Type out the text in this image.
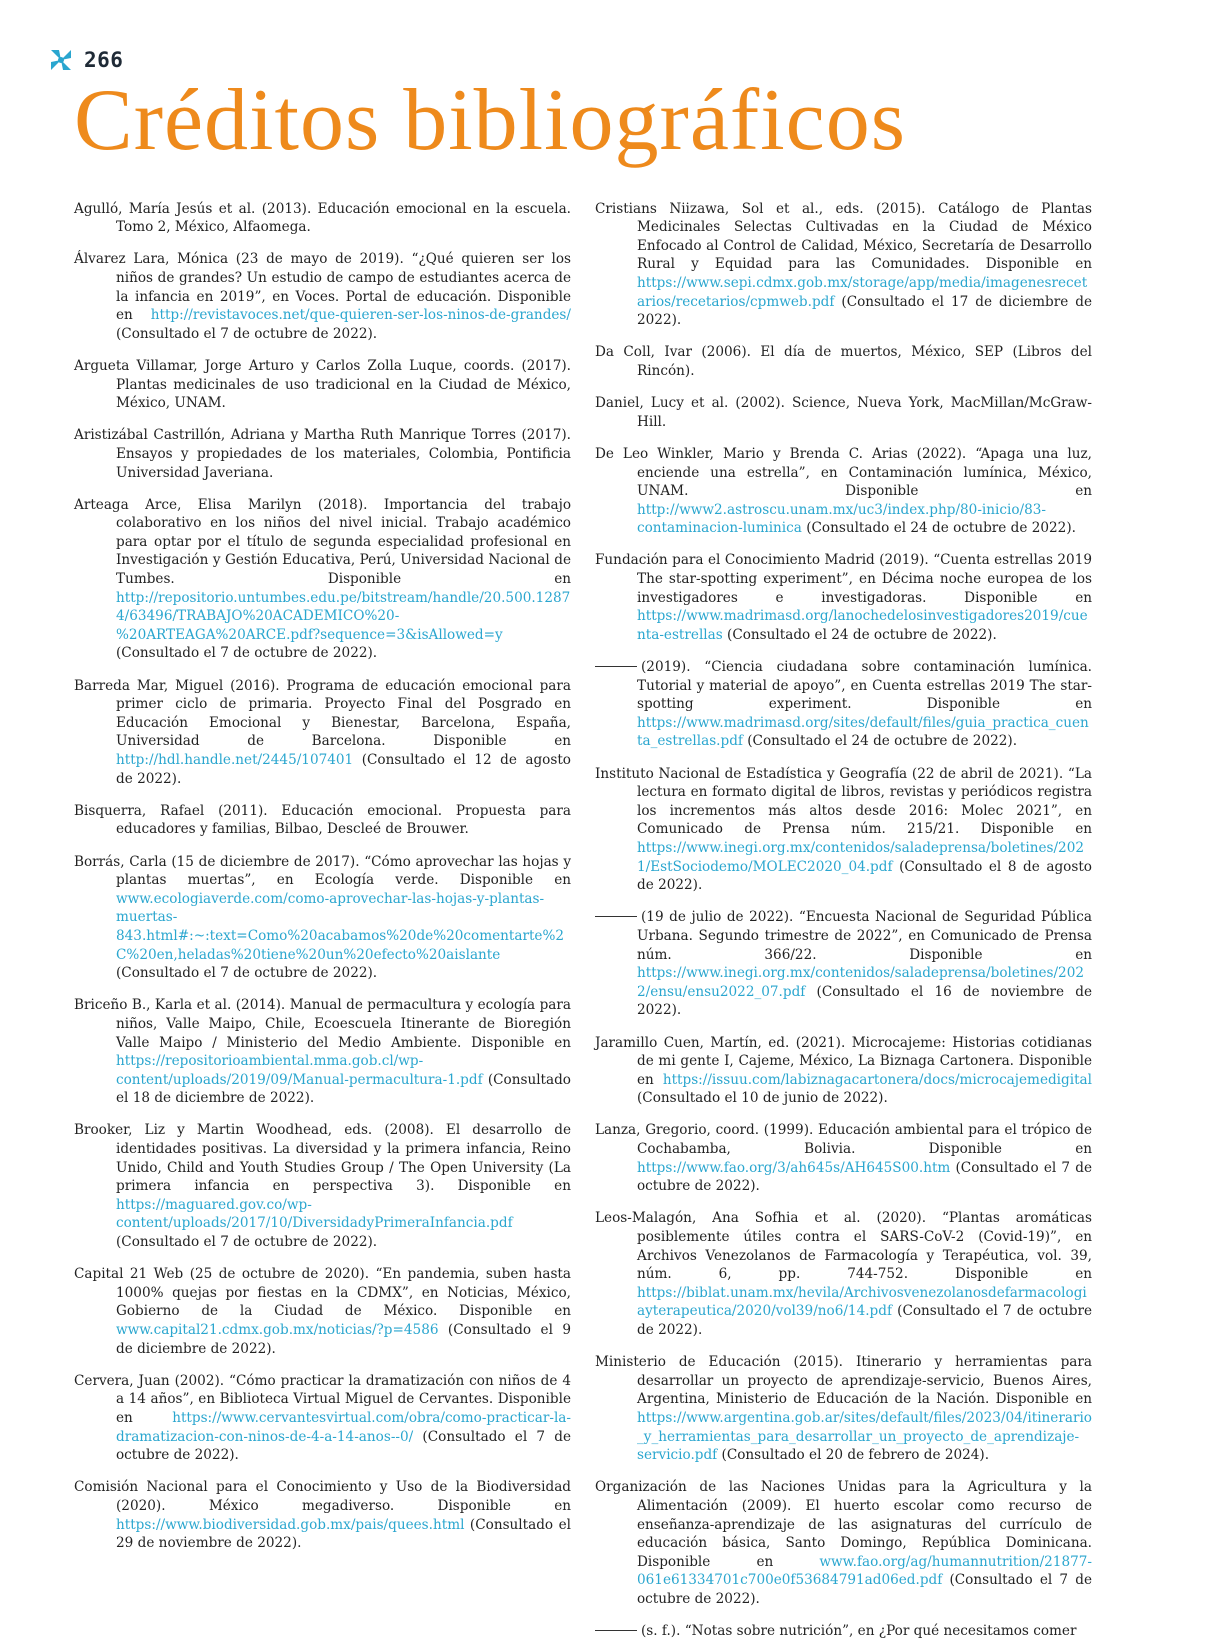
266
Créditos bibliográficos

Agulló, María Jesús et al. (2013). Educación emocional en la escuela. Tomo 2, México, Alfaomega.

Álvarez Lara, Mónica (23 de mayo de 2019). “¿Qué quieren ser los niños de grandes? Un estudio de campo de estudiantes acerca de la infancia en 2019”, en Voces. Portal de educación. Disponible en http://revistavoces.net/que-quieren-ser-los-ninos-de-grandes/ (Consultado el 7 de octubre de 2022).

Argueta Villamar, Jorge Arturo y Carlos Zolla Luque, coords. (2017). Plantas medicinales de uso tradicional en la Ciudad de México, México, UNAM.

Aristizábal Castrillón, Adriana y Martha Ruth Manrique Torres (2017). Ensayos y propiedades de los materiales, Colombia, Pontificia Universidad Javeriana.

Arteaga Arce, Elisa Marilyn (2018). Importancia del trabajo colaborativo en los niños del nivel inicial. Trabajo académico para optar por el título de segunda especialidad profesional en Investigación y Gestión Educativa, Perú, Universidad Nacional de Tumbes. Disponible en http://repositorio.untumbes.edu.pe/bitstream/handle/20.500.12874/63496/TRABAJO%20ACADEMICO%20-%20ARTEAGA%20ARCE.pdf?sequence=3&isAllowed=y (Consultado el 7 de octubre de 2022).

Barreda Mar, Miguel (2016). Programa de educación emocional para primer ciclo de primaria. Proyecto Final del Posgrado en Educación Emocional y Bienestar, Barcelona, España, Universidad de Barcelona. Disponible en http://hdl.handle.net/2445/107401 (Consultado el 12 de agosto de 2022).

Bisquerra, Rafael (2011). Educación emocional. Propuesta para educadores y familias, Bilbao, Descleé de Brouwer.

Borrás, Carla (15 de diciembre de 2017). “Cómo aprovechar las hojas y plantas muertas”, en Ecología verde. Disponible en www.ecologiaverde.com/como-aprovechar-las-hojas-y-plantas-muertas-843.html#:~:text=Como%20acabamos%20de%20comentarte%2C%20en,heladas%20tiene%20un%20efecto%20aislante (Consultado el 7 de octubre de 2022).

Briceño B., Karla et al. (2014). Manual de permacultura y ecología para niños, Valle Maipo, Chile, Ecoescuela Itinerante de Bioregión Valle Maipo / Ministerio del Medio Ambiente. Disponible en https://repositorioambiental.mma.gob.cl/wp-content/uploads/2019/09/Manual-permacultura-1.pdf (Consultado el 18 de diciembre de 2022).

Brooker, Liz y Martin Woodhead, eds. (2008). El desarrollo de identidades positivas. La diversidad y la primera infancia, Reino Unido, Child and Youth Studies Group / The Open University (La primera infancia en perspectiva 3). Disponible en https://maguared.gov.co/wp-content/uploads/2017/10/DiversidadyPrimeraInfancia.pdf (Consultado el 7 de octubre de 2022).

Capital 21 Web (25 de octubre de 2020). “En pandemia, suben hasta 1000% quejas por fiestas en la CDMX”, en Noticias, México, Gobierno de la Ciudad de México. Disponible en www.capital21.cdmx.gob.mx/noticias/?p=4586 (Consultado el 9 de diciembre de 2022).

Cervera, Juan (2002). “Cómo practicar la dramatización con niños de 4 a 14 años”, en Biblioteca Virtual Miguel de Cervantes. Disponible en https://www.cervantesvirtual.com/obra/como-practicar-la-dramatizacion-con-ninos-de-4-a-14-anos--0/ (Consultado el 7 de octubre de 2022).

Comisión Nacional para el Conocimiento y Uso de la Biodiversidad (2020). México megadiverso. Disponible en https://www.biodiversidad.gob.mx/pais/quees.html (Consultado el 29 de noviembre de 2022).

Cristians Niizawa, Sol et al., eds. (2015). Catálogo de Plantas Medicinales Selectas Cultivadas en la Ciudad de México Enfocado al Control de Calidad, México, Secretaría de Desarrollo Rural y Equidad para las Comunidades. Disponible en https://www.sepi.cdmx.gob.mx/storage/app/media/imagenesrecetarios/recetarios/cpmweb.pdf (Consultado el 17 de diciembre de 2022).

Da Coll, Ivar (2006). El día de muertos, México, SEP (Libros del Rincón).

Daniel, Lucy et al. (2002). Science, Nueva York, MacMillan/McGraw-Hill.

De Leo Winkler, Mario y Brenda C. Arias (2022). “Apaga una luz, enciende una estrella”, en Contaminación lumínica, México, UNAM. Disponible en http://www2.astroscu.unam.mx/uc3/index.php/80-inicio/83-contaminacion-luminica (Consultado el 24 de octubre de 2022).

Fundación para el Conocimiento Madrid (2019). “Cuenta estrellas 2019 The star-spotting experiment”, en Décima noche europea de los investigadores e investigadoras. Disponible en https://www.madrimasd.org/lanochedelosinvestigadores2019/cuenta-estrellas (Consultado el 24 de octubre de 2022).

(2019). “Ciencia ciudadana sobre contaminación lumínica. Tutorial y material de apoyo”, en Cuenta estrellas 2019 The star-spotting experiment. Disponible en https://www.madrimasd.org/sites/default/files/guia_practica_cuenta_estrellas.pdf (Consultado el 24 de octubre de 2022).

Instituto Nacional de Estadística y Geografía (22 de abril de 2021). “La lectura en formato digital de libros, revistas y periódicos registra los incrementos más altos desde 2016: Molec 2021”, en Comunicado de Prensa núm. 215/21. Disponible en https://www.inegi.org.mx/contenidos/saladeprensa/boletines/2021/EstSociodemo/MOLEC2020_04.pdf (Consultado el 8 de agosto de 2022).

(19 de julio de 2022). “Encuesta Nacional de Seguridad Pública Urbana. Segundo trimestre de 2022”, en Comunicado de Prensa núm. 366/22. Disponible en https://www.inegi.org.mx/contenidos/saladeprensa/boletines/2022/ensu/ensu2022_07.pdf (Consultado el 16 de noviembre de 2022).

Jaramillo Cuen, Martín, ed. (2021). Microcajeme: Historias cotidianas de mi gente I, Cajeme, México, La Biznaga Cartonera. Disponible en https://issuu.com/labiznagacartonera/docs/microcajemedigital (Consultado el 10 de junio de 2022).

Lanza, Gregorio, coord. (1999). Educación ambiental para el trópico de Cochabamba, Bolivia. Disponible en https://www.fao.org/3/ah645s/AH645S00.htm (Consultado el 7 de octubre de 2022).

Leos-Malagón, Ana Sofhia et al. (2020). “Plantas aromáticas posiblemente útiles contra el SARS-CoV-2 (Covid-19)”, en Archivos Venezolanos de Farmacología y Terapéutica, vol. 39, núm. 6, pp. 744-752. Disponible en https://biblat.unam.mx/hevila/Archivosvenezolanosdefarmacologiayterapeutica/2020/vol39/no6/14.pdf (Consultado el 7 de octubre de 2022).

Ministerio de Educación (2015). Itinerario y herramientas para desarrollar un proyecto de aprendizaje-servicio, Buenos Aires, Argentina, Ministerio de Educación de la Nación. Disponible en https://www.argentina.gob.ar/sites/default/files/2023/04/itinerario_y_herramientas_para_desarrollar_un_proyecto_de_aprendizaje-servicio.pdf (Consultado el 20 de febrero de 2024).

Organización de las Naciones Unidas para la Agricultura y la Alimentación (2009). El huerto escolar como recurso de enseñanza-aprendizaje de las asignaturas del currículo de educación básica, Santo Domingo, República Dominicana. Disponible en www.fao.org/ag/humannutrition/21877-061e61334701c700e0f53684791ad06ed.pdf (Consultado el 7 de octubre de 2022).

(s. f.). “Notas sobre nutrición”, en ¿Por qué necesitamos comer
